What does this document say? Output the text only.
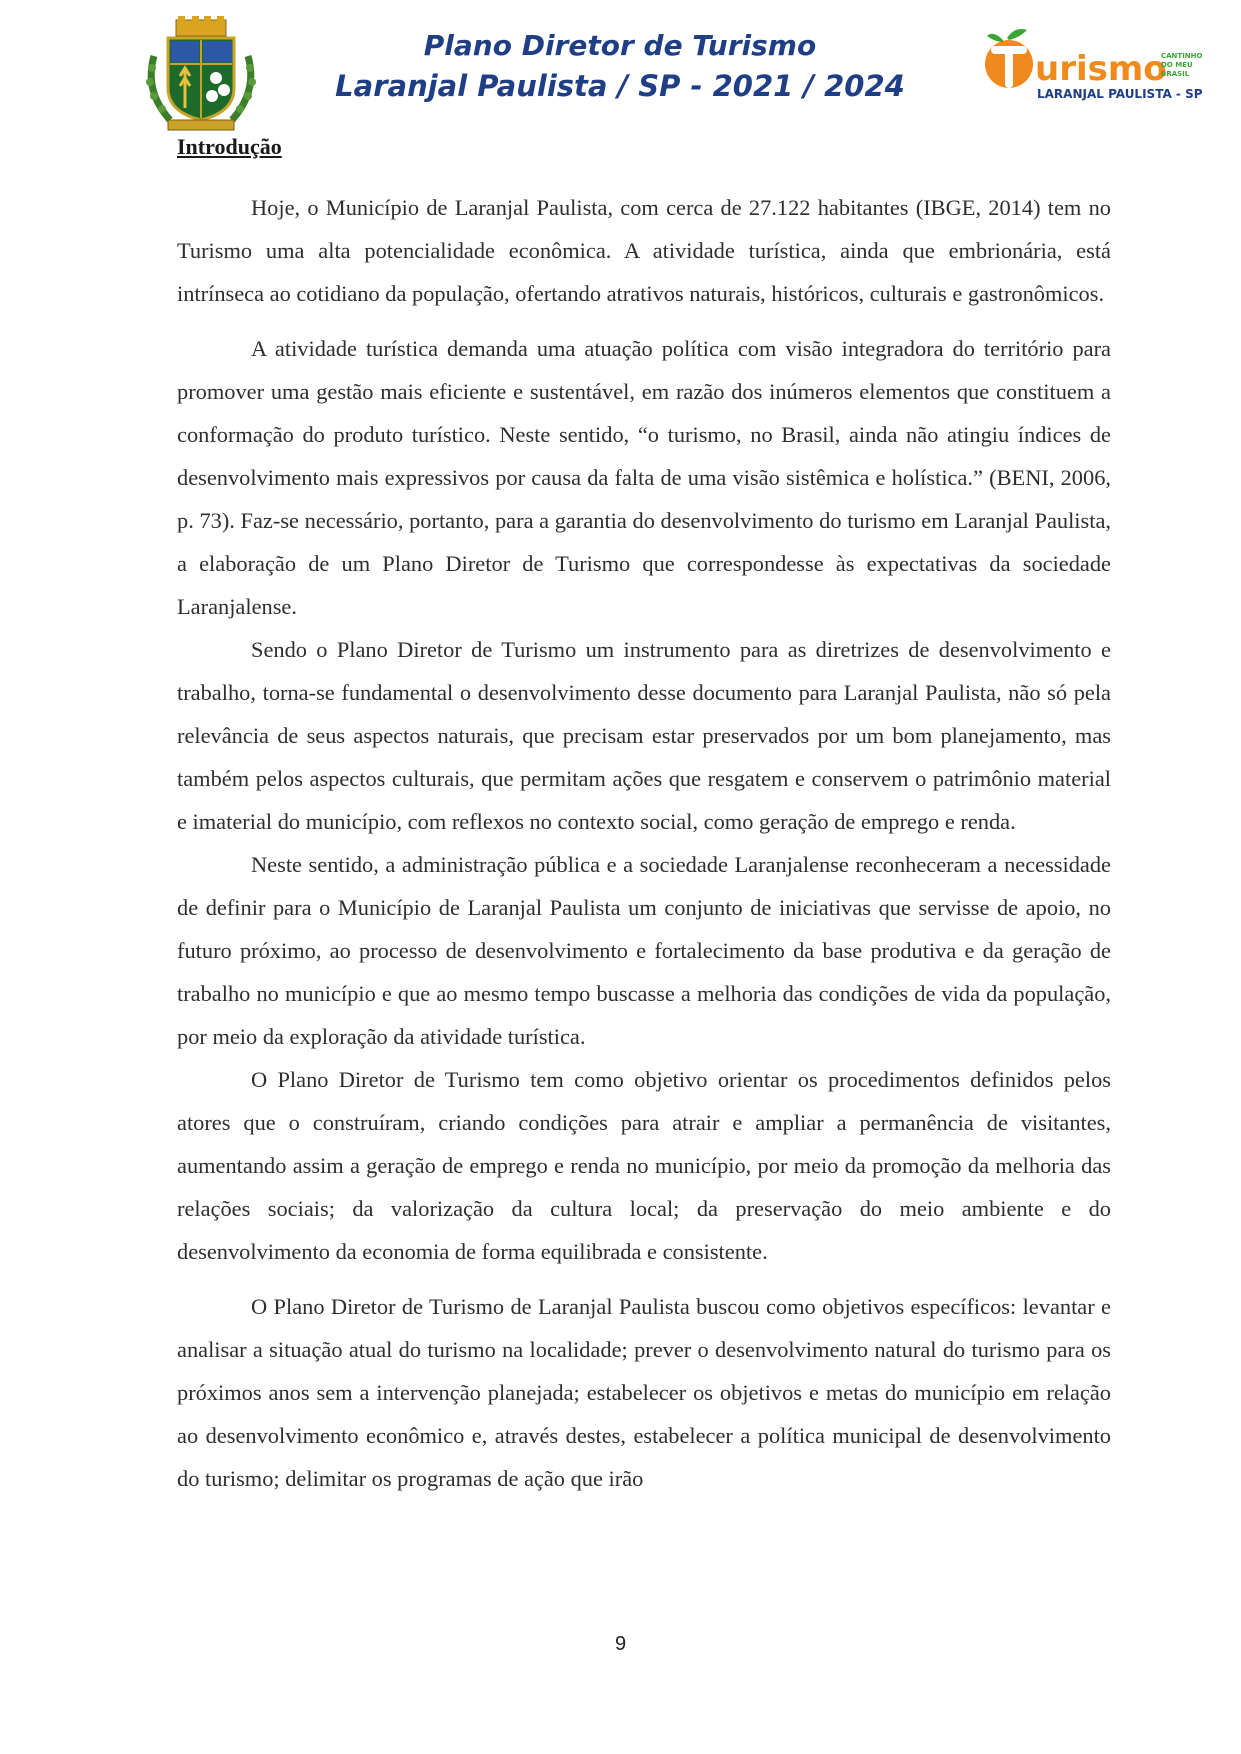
Plano Diretor de Turismo
Laranjal Paulista / SP - 2021 / 2024	urismo
CANTINHO
DO MEU
BRASIL
LARANJAL PAULISTA - SP
Introdução

Hoje, o Município de Laranjal Paulista, com cerca de 27.122 habitantes (IBGE, 2014) tem no Turismo uma alta potencialidade econômica. A atividade turística, ainda que embrionária, está intrínseca ao cotidiano da população, ofertando atrativos naturais, históricos, culturais e gastronômicos.

A atividade turística demanda uma atuação política com visão integradora do território para promover uma gestão mais eficiente e sustentável, em razão dos inúmeros elementos que constituem a conformação do produto turístico. Neste sentido, “o turismo, no Brasil, ainda não atingiu índices de desenvolvimento mais expressivos por causa da falta de uma visão sistêmica e holística.” (BENI, 2006, p. 73). Faz-se necessário, portanto, para a garantia do desenvolvimento do turismo em Laranjal Paulista, a elaboração de um Plano Diretor de Turismo que correspondesse às expectativas da sociedade Laranjalense.

Sendo o Plano Diretor de Turismo um instrumento para as diretrizes de desenvolvimento e trabalho, torna-se fundamental o desenvolvimento desse documento para Laranjal Paulista, não só pela relevância de seus aspectos naturais, que precisam estar preservados por um bom planejamento, mas também pelos aspectos culturais, que permitam ações que resgatem e conservem o patrimônio material e imaterial do município, com reflexos no contexto social, como geração de emprego e renda.

Neste sentido, a administração pública e a sociedade Laranjalense reconheceram a necessidade de definir para o Município de Laranjal Paulista um conjunto de iniciativas que servisse de apoio, no futuro próximo, ao processo de desenvolvimento e fortalecimento da base produtiva e da geração de trabalho no município e que ao mesmo tempo buscasse a melhoria das condições de vida da população, por meio da exploração da atividade turística.

O Plano Diretor de Turismo tem como objetivo orientar os procedimentos definidos pelos atores que o construíram, criando condições para atrair e ampliar a permanência de visitantes, aumentando assim a geração de emprego e renda no município, por meio da promoção da melhoria das relações sociais; da valorização da cultura local; da preservação do meio ambiente e do desenvolvimento da economia de forma equilibrada e consistente.

O Plano Diretor de Turismo de Laranjal Paulista buscou como objetivos específicos: levantar e analisar a situação atual do turismo na localidade; prever o desenvolvimento natural do turismo para os próximos anos sem a intervenção planejada; estabelecer os objetivos e metas do município em relação ao desenvolvimento econômico e, através destes, estabelecer a política municipal de desenvolvimento do turismo; delimitar os programas de ação que irão

9
